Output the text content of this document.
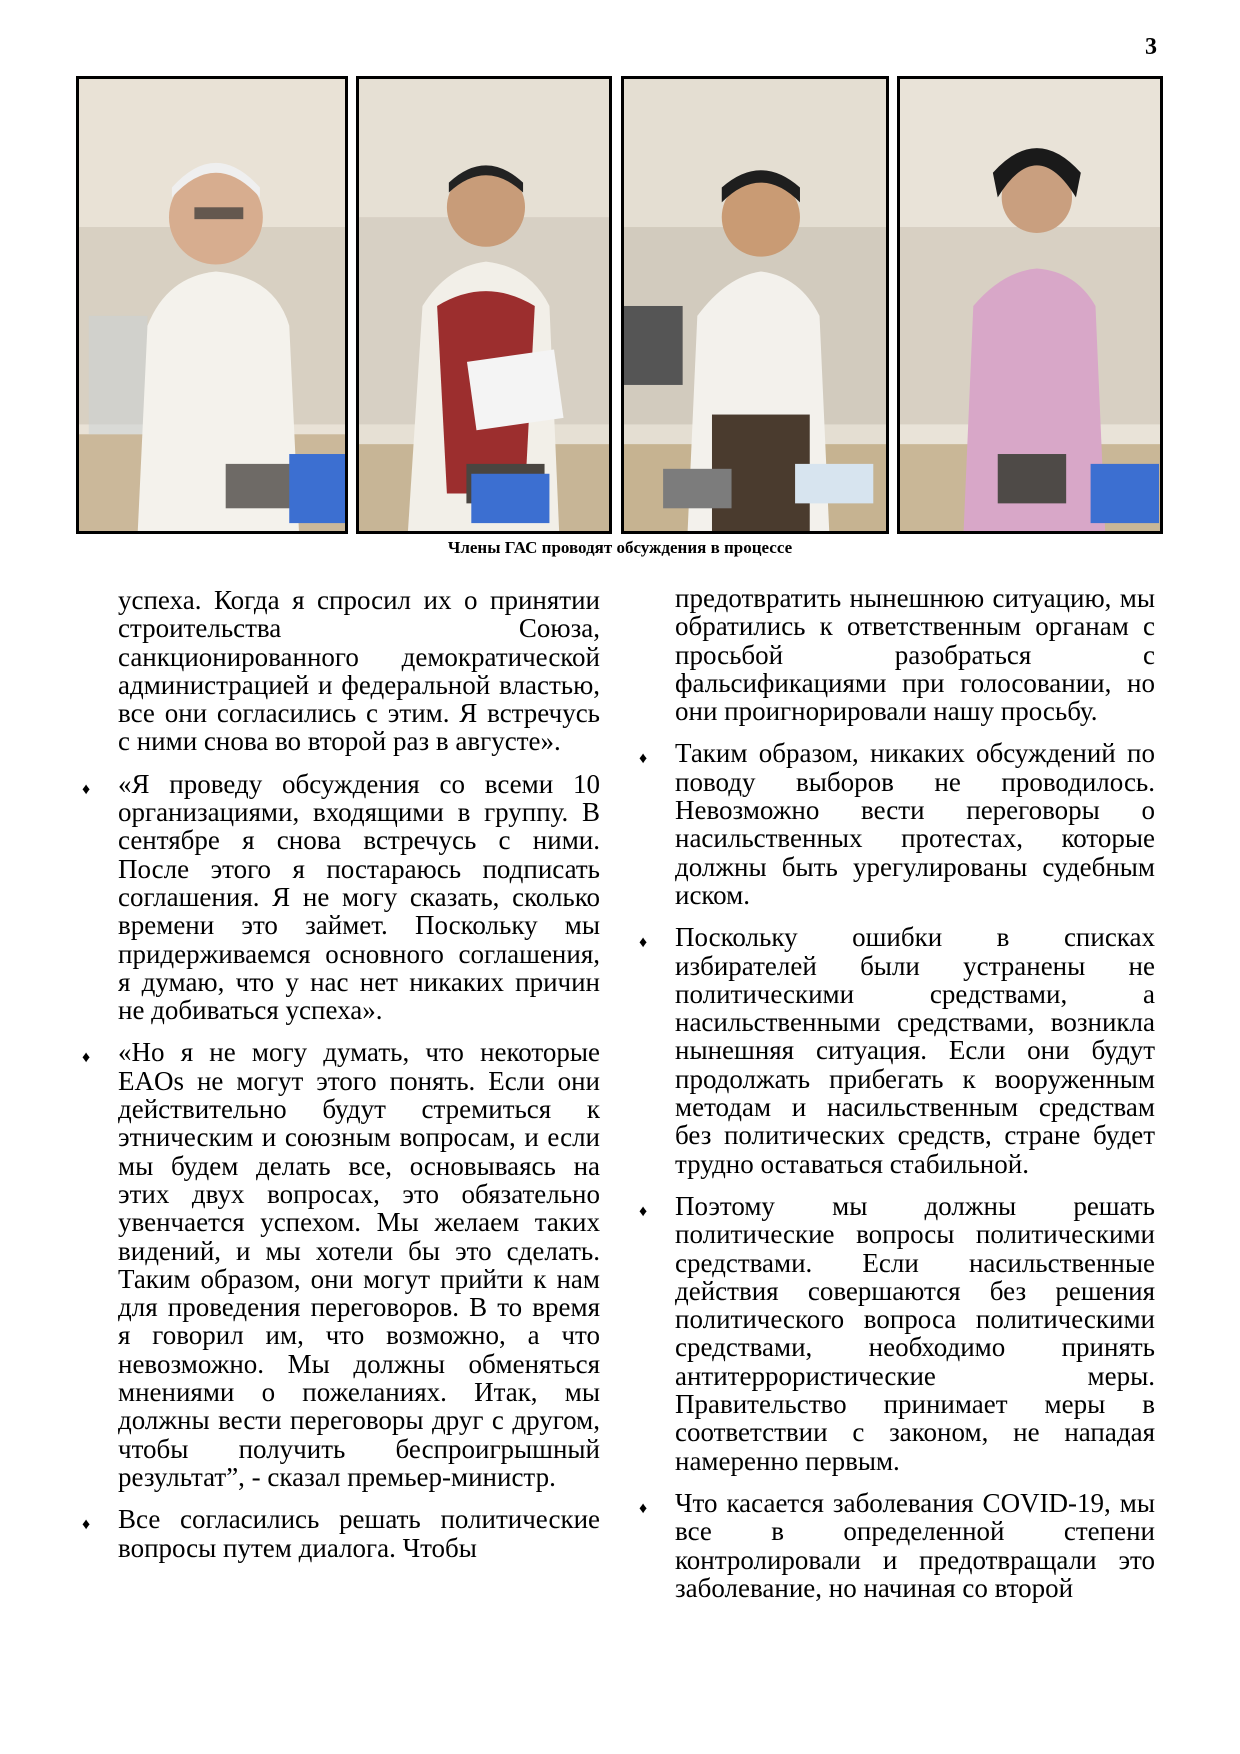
3
Члены ГАС проводят обсуждения в процессе

успеха. Когда я спросил их о принятии строительства Союза, санкционированного демократической администрацией и федеральной властью, все они согласились с этим. Я встречусь с ними снова во второй раз в августе».

♦ «Я проведу обсуждения со всеми 10 организациями, входящими в группу. В сентябре я снова встречусь с ними. После этого я постараюсь подписать соглашения. Я не могу сказать, сколько времени это займет. Поскольку мы придерживаемся основного соглашения, я думаю, что у нас нет никаких причин не добиваться успеха».
♦ «Но я не могу думать, что некоторые EAOs не могут этого понять. Если они действительно будут стремиться к этническим и союзным вопросам, и если мы будем делать все, основываясь на этих двух вопросах, это обязательно увенчается успехом. Мы желаем таких видений, и мы хотели бы это сделать. Таким образом, они могут прийти к нам для проведения переговоров. В то время я говорил им, что возможно, а что невозможно. Мы должны обменяться мнениями о пожеланиях. Итак, мы должны вести переговоры друг с другом, чтобы получить беспроигрышный результат”, - сказал премьер-министр.
♦ Все согласились решать политические вопросы путем диалога. Чтобы

предотвратить нынешнюю ситуацию, мы обратились к ответственным органам с просьбой разобраться с фальсификациями при голосовании, но они проигнорировали нашу просьбу.

♦ Таким образом, никаких обсуждений по поводу выборов не проводилось. Невозможно вести переговоры о насильственных протестах, которые должны быть урегулированы судебным иском.
♦ Поскольку ошибки в списках избирателей были устранены не политическими средствами, а насильственными средствами, возникла нынешняя ситуация. Если они будут продолжать прибегать к вооруженным методам и насильственным средствам без политических средств, стране будет трудно оставаться стабильной.
♦ Поэтому мы должны решать политические вопросы политическими средствами. Если насильственные действия совершаются без решения политического вопроса политическими средствами, необходимо принять антитеррористические меры. Правительство принимает меры в соответствии с законом, не нападая намеренно первым.
♦ Что касается заболевания COVID-19, мы все в определенной степени контролировали и предотвращали это заболевание, но начиная со второй
